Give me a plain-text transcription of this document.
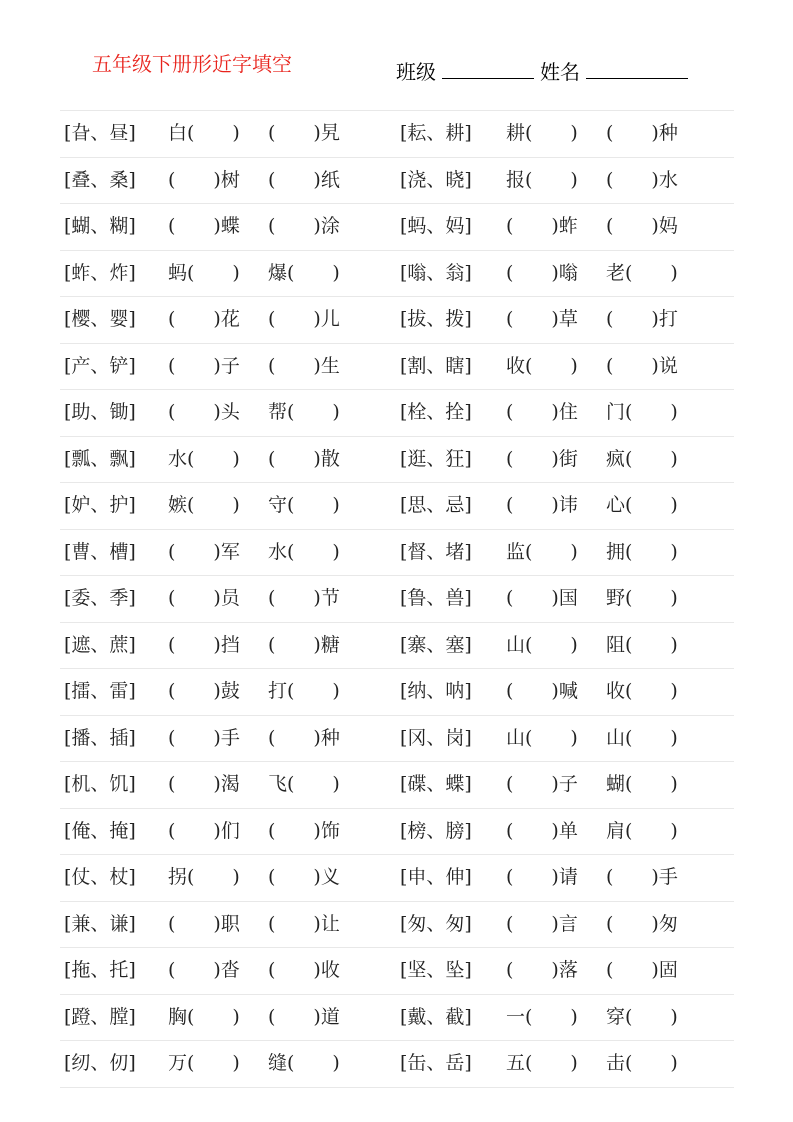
五年级下册形近字填空	班级	姓名
[旮、昼] 白(　　) (　　)旯	[耘、耕] 耕(　　) (　　)种
[叠、桑] (　　)树 (　　)纸	[浇、晓] 报(　　) (　　)水
[蝴、糊] (　　)蝶 (　　)涂	[蚂、妈] (　　)蚱 (　　)妈
[蚱、炸] 蚂(　　) 爆(　　)	[嗡、翁] (　　)嗡 老(　　)
[樱、婴] (　　)花 (　　)儿	[拔、拨] (　　)草 (　　)打
[产、铲] (　　)子 (　　)生	[割、瞎] 收(　　) (　　)说
[助、锄] (　　)头 帮(　　)	[栓、拴] (　　)住 门(　　)
[瓢、飘] 水(　　) (　　)散	[逛、狂] (　　)街 疯(　　)
[妒、护] 嫉(　　) 守(　　)	[思、忌] (　　)讳 心(　　)
[曹、槽] (　　)军 水(　　)	[督、堵] 监(　　) 拥(　　)
[委、季] (　　)员 (　　)节	[鲁、兽] (　　)国 野(　　)
[遮、蔗] (　　)挡 (　　)糖	[寨、塞] 山(　　) 阻(　　)
[擂、雷] (　　)鼓 打(　　)	[纳、呐] (　　)喊 收(　　)
[播、插] (　　)手 (　　)种	[冈、岗] 山(　　) 山(　　)
[机、饥] (　　)渴 飞(　　)	[碟、蝶] (　　)子 蝴(　　)
[俺、掩] (　　)们 (　　)饰	[榜、膀] (　　)单 肩(　　)
[仗、杖] 拐(　　) (　　)义	[申、伸] (　　)请 (　　)手
[兼、谦] (　　)职 (　　)让	[匆、匆] (　　)言 (　　)匆
[拖、托] (　　)沓 (　　)收	[坚、坠] (　　)落 (　　)固
[蹬、膛] 胸(　　) (　　)道	[戴、截] 一(　　) 穿(　　)
[纫、仞] 万(　　) 缝(　　)	[缶、岳] 五(　　) 击(　　)
